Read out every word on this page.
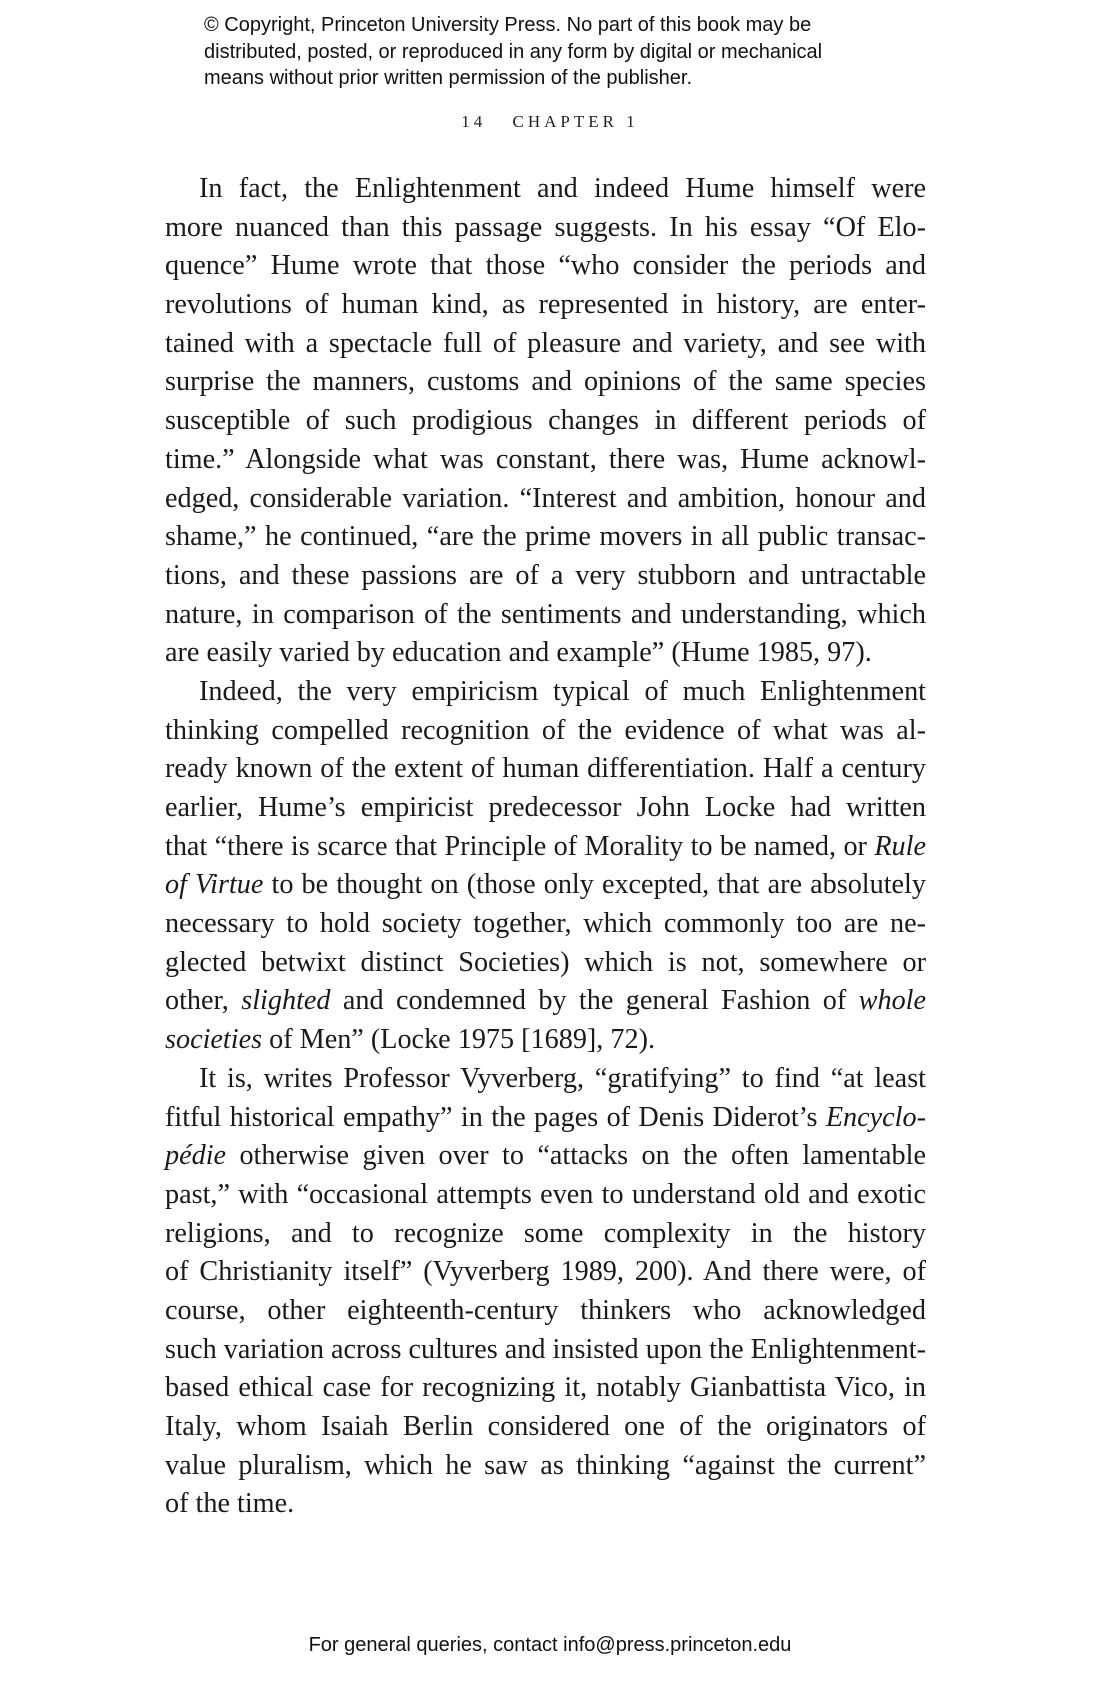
© Copyright, Princeton University Press. No part of this book may be
distributed, posted, or reproduced in any form by digital or mechanical
means without prior written permission of the publisher.
14 CHAPTER 1
In fact, the Enlightenment and indeed Hume himself were
more nuanced than this passage suggests. In his essay “Of Elo-
quence” Hume wrote that those “who consider the periods and
revolutions of human kind, as represented in history, are enter-
tained with a spectacle full of pleasure and variety, and see with
surprise the manners, customs and opinions of the same species
susceptible of such prodigious changes in different periods of
time.” Alongside what was constant, there was, Hume acknowl-
edged, considerable variation. “Interest and ambition, honour and
shame,” he continued, “are the prime movers in all public transac-
tions, and these passions are of a very stubborn and untractable
nature, in comparison of the sentiments and understanding, which
are easily varied by education and example” (Hume 1985, 97).
Indeed, the very empiricism typical of much Enlightenment
thinking compelled recognition of the evidence of what was al-
ready known of the extent of human differentiation. Half a century
earlier, Hume’s empiricist predecessor John Locke had written
that “there is scarce that Principle of Morality to be named, or Rule
of Virtue to be thought on (those only excepted, that are absolutely
necessary to hold society together, which commonly too are ne-
glected betwixt distinct Societies) which is not, somewhere or
other, slighted and condemned by the general Fashion of whole
societies of Men” (Locke 1975 [1689], 72).
It is, writes Professor Vyverberg, “gratifying” to find “at least
fitful historical empathy” in the pages of Denis Diderot’s Encyclo-
pédie otherwise given over to “attacks on the often lamentable
past,” with “occasional attempts even to understand old and exotic
religions, and to recognize some complexity in the history
of Christianity itself” (Vyverberg 1989, 200). And there were, of
course, other eighteenth-century thinkers who acknowledged
such variation across cultures and insisted upon the Enlightenment-
based ethical case for recognizing it, notably Gianbattista Vico, in
Italy, whom Isaiah Berlin considered one of the originators of
value pluralism, which he saw as thinking “against the current”
of the time.
For general queries, contact info@press.princeton.edu
